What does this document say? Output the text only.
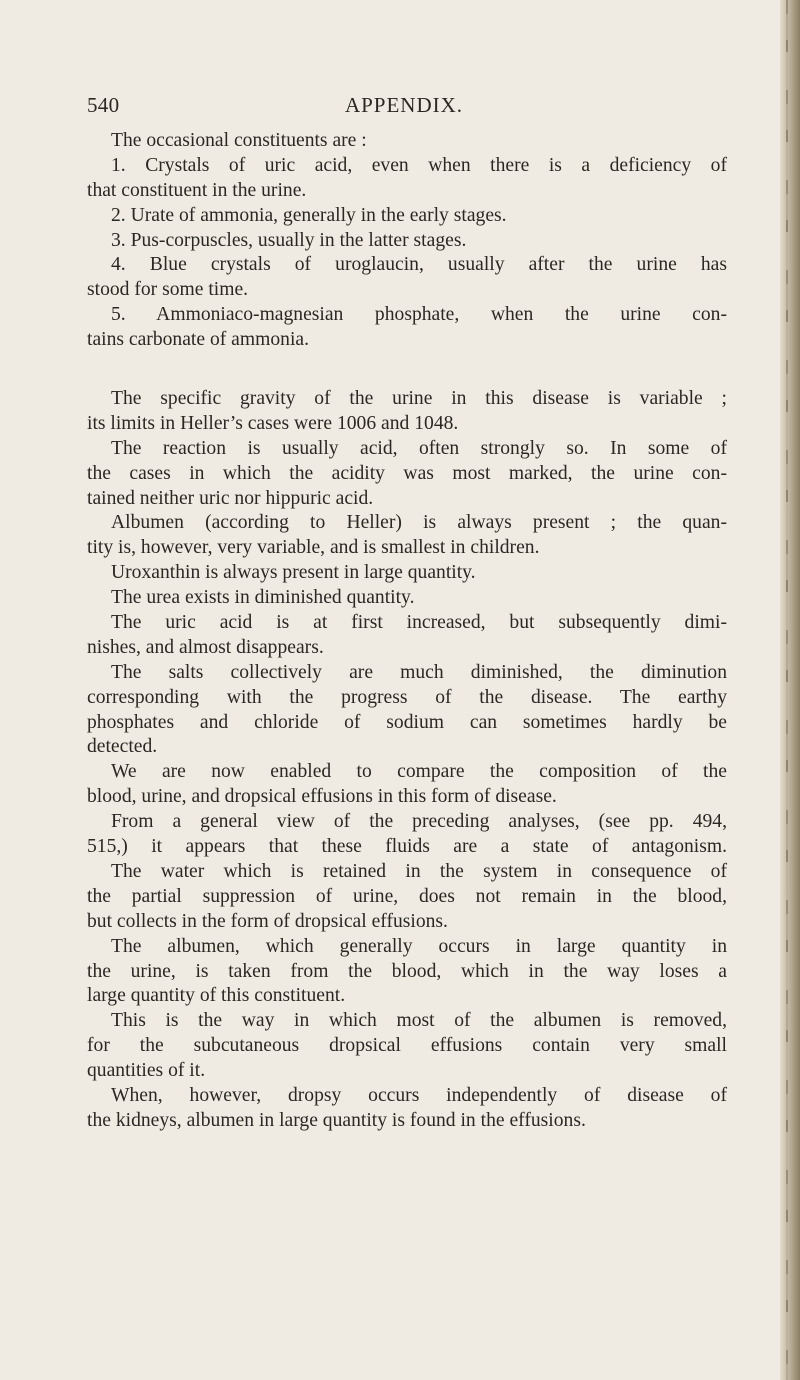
540	APPENDIX.
The occasional constituents are :
1. Crystals of uric acid, even when there is a deficiency of
that constituent in the urine.
2. Urate of ammonia, generally in the early stages.
3. Pus-corpuscles, usually in the latter stages.
4. Blue crystals of uroglaucin, usually after the urine has
stood for some time.
5. Ammoniaco-magnesian phosphate, when the urine con-
tains carbonate of ammonia.
The specific gravity of the urine in this disease is variable ;
its limits in Heller’s cases were 1006 and 1048.
The reaction is usually acid, often strongly so. In some of
the cases in which the acidity was most marked, the urine con-
tained neither uric nor hippuric acid.
Albumen (according to Heller) is always present ; the quan-
tity is, however, very variable, and is smallest in children.
Uroxanthin is always present in large quantity.
The urea exists in diminished quantity.
The uric acid is at first increased, but subsequently dimi-
nishes, and almost disappears.
The salts collectively are much diminished, the diminution
corresponding with the progress of the disease. The earthy
phosphates and chloride of sodium can sometimes hardly be
detected.
We are now enabled to compare the composition of the
blood, urine, and dropsical effusions in this form of disease.
From a general view of the preceding analyses, (see pp. 494,
515,) it appears that these fluids are a state of antagonism.
The water which is retained in the system in consequence of
the partial suppression of urine, does not remain in the blood,
but collects in the form of dropsical effusions.
The albumen, which generally occurs in large quantity in
the urine, is taken from the blood, which in the way loses a
large quantity of this constituent.
This is the way in which most of the albumen is removed,
for the subcutaneous dropsical effusions contain very small
quantities of it.
When, however, dropsy occurs independently of disease of
the kidneys, albumen in large quantity is found in the effusions.
